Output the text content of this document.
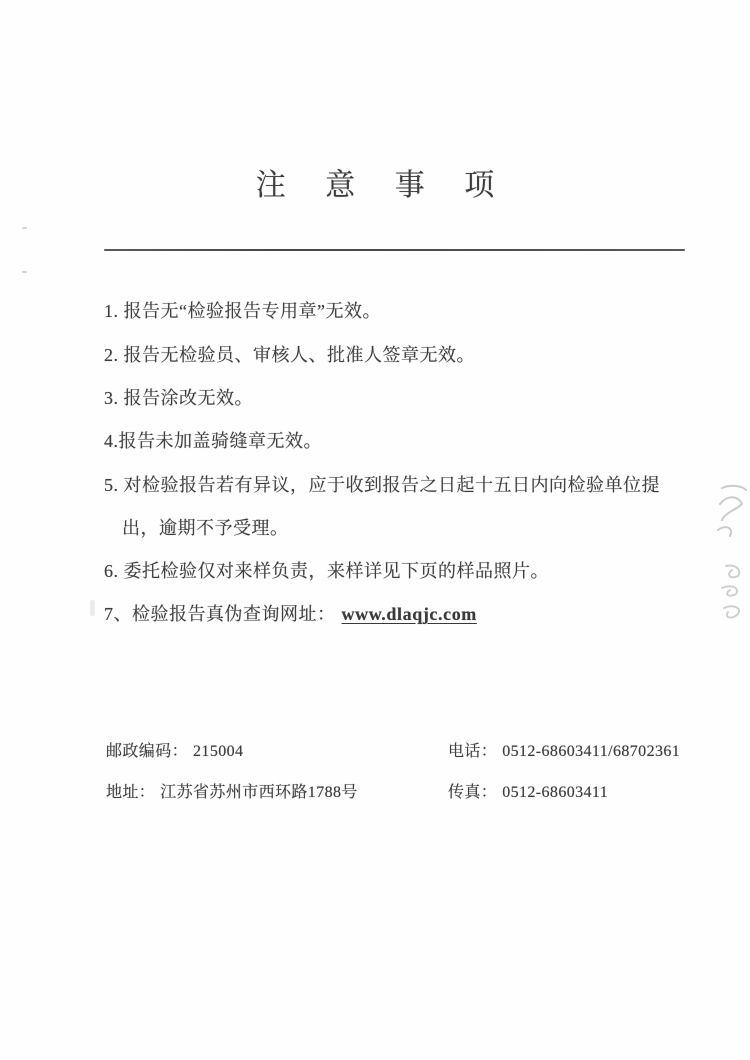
注 意 事 项
1. 报告无“检验报告专用章”无效。
2. 报告无检验员、审核人、批准人签章无效。
3. 报告涂改无效。
4.报告未加盖骑缝章无效。
5. 对检验报告若有异议，应于收到报告之日起十五日内向检验单位提
出，逾期不予受理。
6. 委托检验仅对来样负责，来样详见下页的样品照片。
7、检验报告真伪查询网址： www.dlaqjc.com
邮政编码： 215004	电话： 0512-68603411/68702361
地址： 江苏省苏州市西环路1788号	传真： 0512-68603411
